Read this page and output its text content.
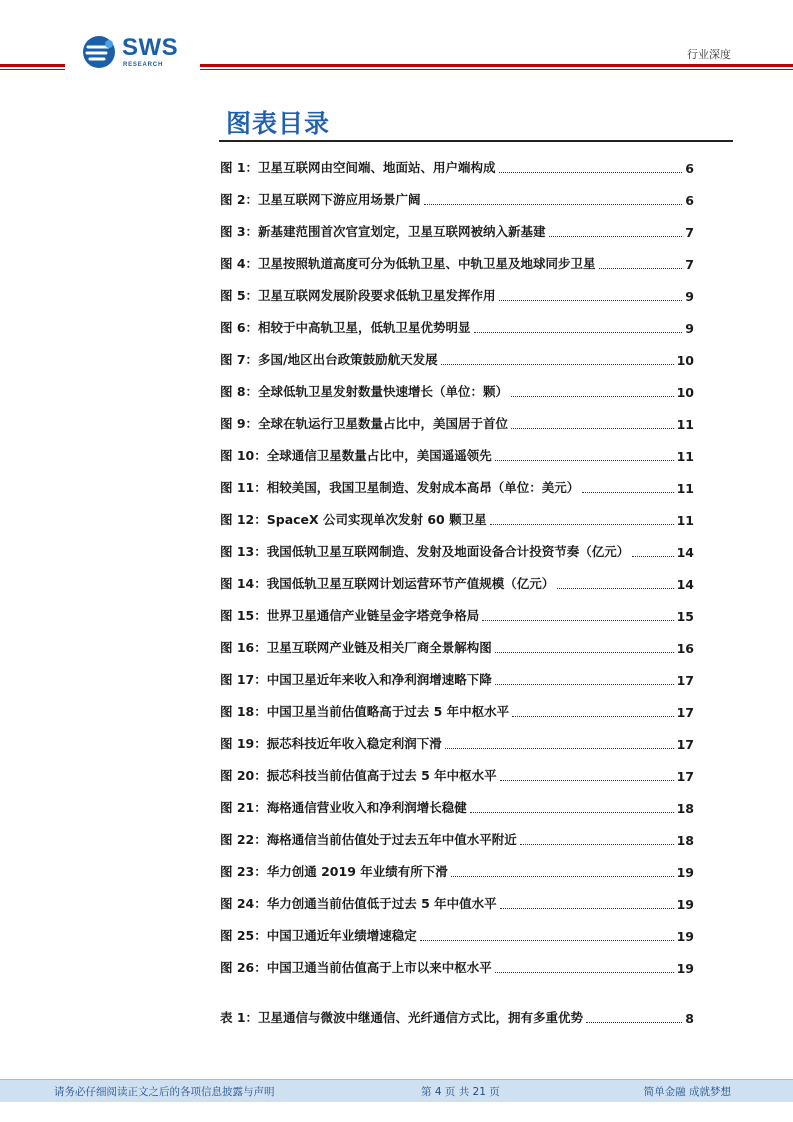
SWS
RESEARCH
行业深度
图表目录
图 1：卫星互联网由空间端、地面站、用户端构成	6
图 2：卫星互联网下游应用场景广阔	6
图 3：新基建范围首次官宣划定，卫星互联网被纳入新基建	7
图 4：卫星按照轨道高度可分为低轨卫星、中轨卫星及地球同步卫星	7
图 5：卫星互联网发展阶段要求低轨卫星发挥作用	9
图 6：相较于中高轨卫星，低轨卫星优势明显	9
图 7：多国/地区出台政策鼓励航天发展	10
图 8：全球低轨卫星发射数量快速增长（单位：颗）	10
图 9：全球在轨运行卫星数量占比中，美国居于首位	11
图 10：全球通信卫星数量占比中，美国遥遥领先	11
图 11：相较美国，我国卫星制造、发射成本高昂（单位：美元）	11
图 12：SpaceX 公司实现单次发射 60 颗卫星	11
图 13：我国低轨卫星互联网制造、发射及地面设备合计投资节奏（亿元）	14
图 14：我国低轨卫星互联网计划运营环节产值规模（亿元）	14
图 15：世界卫星通信产业链呈金字塔竞争格局	15
图 16：卫星互联网产业链及相关厂商全景解构图	16
图 17：中国卫星近年来收入和净利润增速略下降	17
图 18：中国卫星当前估值略高于过去 5 年中枢水平	17
图 19：振芯科技近年收入稳定利润下滑	17
图 20：振芯科技当前估值高于过去 5 年中枢水平	17
图 21：海格通信营业收入和净利润增长稳健	18
图 22：海格通信当前估值处于过去五年中值水平附近	18
图 23：华力创通 2019 年业绩有所下滑	19
图 24：华力创通当前估值低于过去 5 年中值水平	19
图 25：中国卫通近年业绩增速稳定	19
图 26：中国卫通当前估值高于上市以来中枢水平	19
表 1：卫星通信与微波中继通信、光纤通信方式比，拥有多重优势	8
请务必仔细阅读正文之后的各项信息披露与声明	第 4 页 共 21 页	简单金融 成就梦想
